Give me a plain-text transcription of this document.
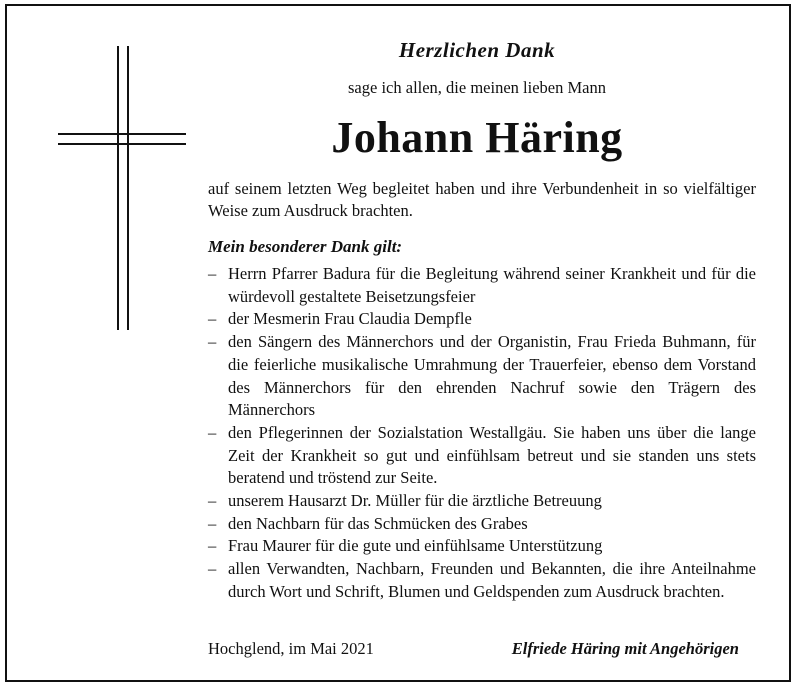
Herzlichen Dank
sage ich allen, die meinen lieben Mann
Johann Häring
auf seinem letzten Weg begleitet haben und ihre Verbundenheit in so vielfältiger Weise zum Ausdruck brachten.
Mein besonderer Dank gilt:
– Herrn Pfarrer Badura für die Begleitung während seiner Krankheit und für die würdevoll gestaltete Beisetzungsfeier
– der Mesmerin Frau Claudia Dempfle
– den Sängern des Männerchors und der Organistin, Frau Frieda Buhmann, für die feierliche musikalische Umrahmung der Trauerfeier, ebenso dem Vorstand des Männerchors für den ehrenden Nachruf sowie den Trägern des Männerchors
– den Pflegerinnen der Sozialstation Westallgäu. Sie haben uns über die lange Zeit der Krankheit so gut und einfühlsam betreut und sie standen uns stets beratend und tröstend zur Seite.
– unserem Hausarzt Dr. Müller für die ärztliche Betreuung
– den Nachbarn für das Schmücken des Grabes
– Frau Maurer für die gute und einfühlsame Unterstützung
– allen Verwandten, Nachbarn, Freunden und Bekannten, die ihre Anteilnahme durch Wort und Schrift, Blumen und Geldspenden zum Ausdruck brachten.
Hochglend, im Mai 2021	Elfriede Häring mit Angehörigen
